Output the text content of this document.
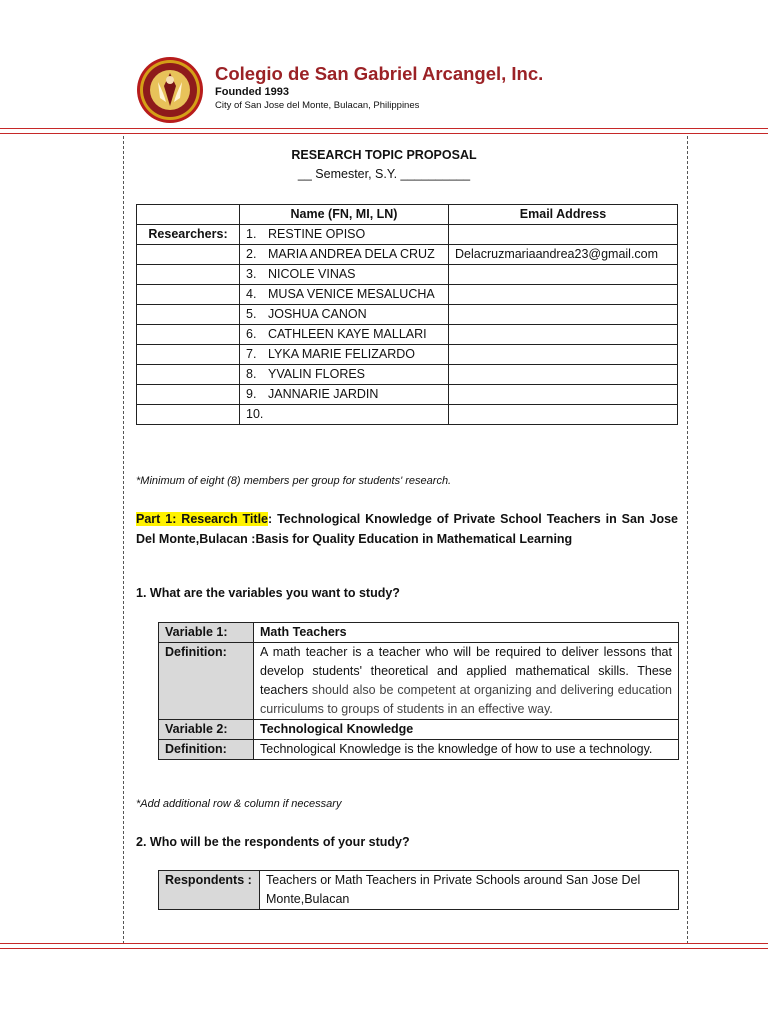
Colegio de San Gabriel Arcangel, Inc.
Founded 1993
City of San Jose del Monte, Bulacan, Philippines
RESEARCH TOPIC PROPOSAL
__ Semester, S.Y. __________
	Name (FN, MI, LN)	Email Address
Researchers:	1. RESTINE OPISO	
	2. MARIA ANDREA DELA CRUZ	Delacruzmariaandrea23@gmail.com
	3. NICOLE VINAS	
	4. MUSA VENICE MESALUCHA	
	5. JOSHUA CANON	
	6. CATHLEEN KAYE MALLARI	
	7. LYKA MARIE FELIZARDO	
	8. YVALIN FLORES	
	9. JANNARIE JARDIN	
	10.	
*Minimum of eight (8) members per group for students' research.
Part 1: Research Title: Technological Knowledge of Private School Teachers in San Jose Del Monte,Bulacan :Basis for Quality Education in Mathematical Learning
1. What are the variables you want to study?
Variable 1:	Math Teachers
Definition:	A math teacher is a teacher who will be required to deliver lessons that develop students' theoretical and applied mathematical skills. These teachers should also be competent at organizing and delivering education curriculums to groups of students in an effective way.
Variable 2:	Technological Knowledge
Definition:	Technological Knowledge is the knowledge of how to use a technology.
*Add additional row & column if necessary
2. Who will be the respondents of your study?
Respondents :	Teachers or Math Teachers in Private Schools around San Jose Del Monte,Bulacan
